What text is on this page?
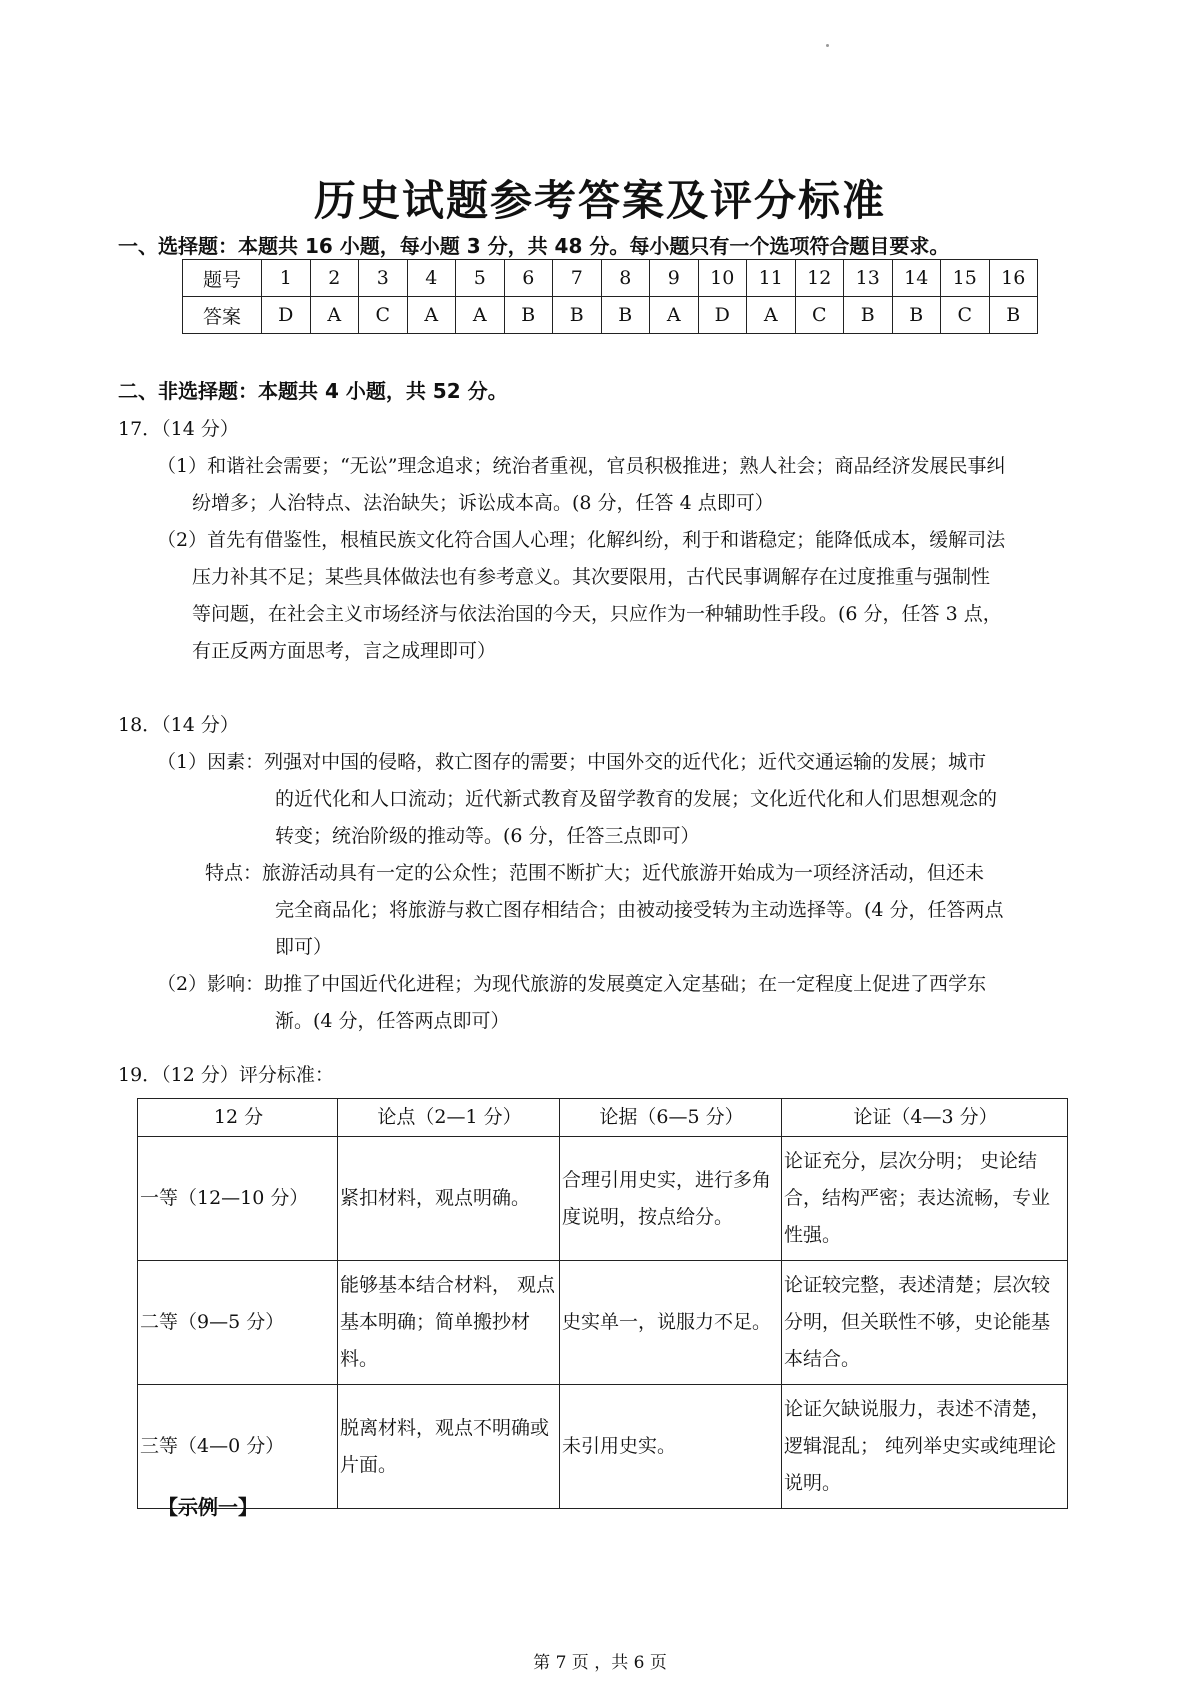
历史试题参考答案及评分标准
一、选择题：本题共 16 小题，每小题 3 分，共 48 分。每小题只有一个选项符合题目要求。
题号	1	2	3	4	5	6	7	8	9	10	11	12	13	14	15	16
答案	D	A	C	A	A	B	B	B	A	D	A	C	B	B	C	B
二、非选择题：本题共 4 小题，共 52 分。
17．（14 分）
（1）和谐社会需要；“无讼”理念追求；统治者重视，官员积极推进；熟人社会；商品经济发展民事纠
纷增多；人治特点、法治缺失；诉讼成本高。(8 分，任答 4 点即可）
（2）首先有借鉴性，根植民族文化符合国人心理；化解纠纷，利于和谐稳定；能降低成本，缓解司法
压力补其不足；某些具体做法也有参考意义。其次要限用，古代民事调解存在过度推重与强制性
等问题，在社会主义市场经济与依法治国的今天，只应作为一种辅助性手段。(6 分，任答 3 点，
有正反两方面思考，言之成理即可）
18．（14 分）
（1）因素：列强对中国的侵略，救亡图存的需要；中国外交的近代化；近代交通运输的发展；城市
的近代化和人口流动；近代新式教育及留学教育的发展；文化近代化和人们思想观念的
转变；统治阶级的推动等。(6 分，任答三点即可）
特点：旅游活动具有一定的公众性；范围不断扩大；近代旅游开始成为一项经济活动，但还未
完全商品化；将旅游与救亡图存相结合；由被动接受转为主动选择等。(4 分，任答两点
即可）
（2）影响：助推了中国近代化进程；为现代旅游的发展奠定入定基础；在一定程度上促进了西学东
渐。(4 分，任答两点即可）
19．（12 分）评分标准：
12 分	论点（2—1 分）	论据（6—5 分）	论证（4—3 分）
一等（12—10 分）	紧扣材料，观点明确。	合理引用史实，进行多角度说明，按点给分。	论证充分，层次分明； 史论结合，结构严密；表达流畅，专业性强。
二等（9—5 分）	能够基本结合材料， 观点基本明确；简单搬抄材料。	史实单一，说服力不足。	论证较完整，表述清楚；层次较分明，但关联性不够，史论能基本结合。
三等（4—0 分）	脱离材料，观点不明确或片面。	未引用史实。	论证欠缺说服力，表述不清楚，逻辑混乱； 纯列举史实或纯理论说明。
【示例一】
第 7 页 ，共 6 页
